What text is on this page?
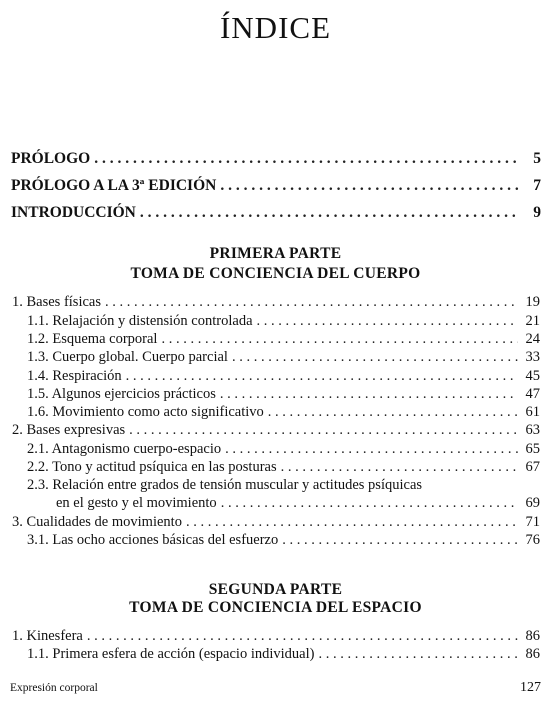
ÍNDICE
PRÓLOGO . . .	5
PRÓLOGO A LA 3ª EDICIÓN . . .	7
INTRODUCCIÓN . . .	9
PRIMERA PARTE
TOMA DE CONCIENCIA DEL CUERPO
1. Bases físicas . . .	19
1.1. Relajación y distensión controlada . . .	21
1.2. Esquema corporal . . .	24
1.3. Cuerpo global. Cuerpo parcial . . .	33
1.4. Respiración . . .	45
1.5. Algunos ejercicios prácticos . . .	47
1.6. Movimiento como acto significativo . . .	61
2. Bases expresivas . . .	63
2.1. Antagonismo cuerpo-espacio . . .	65
2.2. Tono y actitud psíquica en las posturas . . .	67
2.3. Relación entre grados de tensión muscular y actitudes psíquicas
en el gesto y el movimiento . . .	69
3. Cualidades de movimiento . . .	71
3.1. Las ocho acciones básicas del esfuerzo . . .	76
SEGUNDA PARTE
TOMA DE CONCIENCIA DEL ESPACIO
1. Kinesfera . . .	86
1.1. Primera esfera de acción (espacio individual) . . .	86
Expresión corporal	127
